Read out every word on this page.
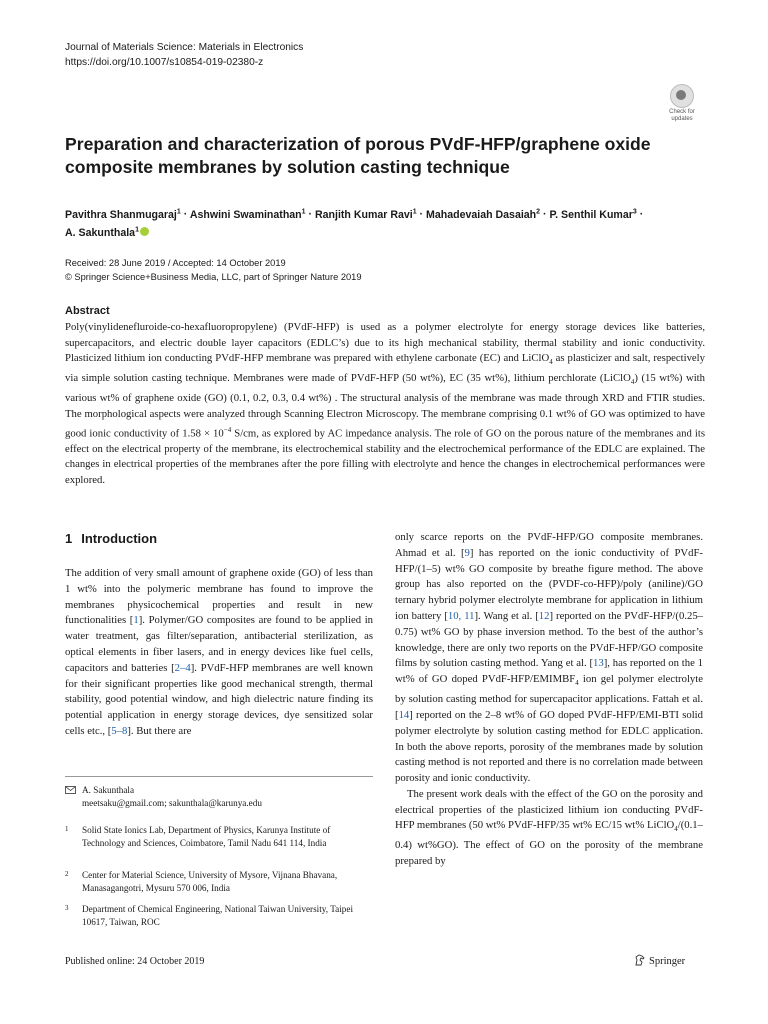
Journal of Materials Science: Materials in Electronics
https://doi.org/10.1007/s10854-019-02380-z
Check for
updates
Preparation and characterization of porous PVdF-HFP/graphene oxide composite membranes by solution casting technique
Pavithra Shanmugaraj$^1$ · Ashwini Swaminathan$^1$ · Ranjith Kumar Ravi$^1$ · Mahadevaiah Dasaiah$^2$ · P. Senthil Kumar$^3$ ·
A. Sakunthala$^1$
Received: 28 June 2019 / Accepted: 14 October 2019
© Springer Science+Business Media, LLC, part of Springer Nature 2019
Abstract
Poly(vinylidenefluroide-co-hexafluoropropylene) (PVdF-HFP) is used as a polymer electrolyte for energy storage devices like batteries, supercapacitors, and electric double layer capacitors (EDLC’s) due to its high mechanical stability, thermal stability and ionic conductivity. Plasticized lithium ion conducting PVdF-HFP membrane was prepared with ethylene carbonate (EC) and LiClO$_4$ as plasticizer and salt, respectively via simple solution casting technique. Membranes were made of PVdF-HFP (50 wt%), EC (35 wt%), lithium perchlorate (LiClO$_4$) (15 wt%) with various wt% of graphene oxide (GO) (0.1, 0.2, 0.3, 0.4 wt%) . The structural analysis of the membrane was made through XRD and FTIR studies. The morphological aspects were analyzed through Scanning Electron Microscopy. The membrane comprising 0.1 wt% of GO was optimized to have good ionic conductivity of $1.58 \times 10^{-4}$ S/cm, as explored by AC impedance analysis. The role of GO on the porous nature of the membranes and its effect on the electrical property of the membrane, its electrochemical stability and the electrochemical performance of the EDLC are explained. The changes in electrical properties of the membranes after the pore filling with electrolyte and hence the changes in electrochemical performances were explored.
1 Introduction

The addition of very small amount of graphene oxide (GO) of less than 1 wt% into the polymeric membrane has found to improve the membranes physicochemical properties and result in new functionalities [1]. Polymer/GO composites are found to be applied in water treatment, gas filter/separation, antibacterial sterilization, as optical elements in fiber lasers, and in energy devices like fuel cells, capacitors and batteries [2–4]. PVdF-HFP membranes are well known for their significant properties like good mechanical strength, thermal stability, good potential window, and high dielectric nature finding its potential application in energy storage devices, dye sensitized solar cells etc., [5–8]. But there are

only scarce reports on the PVdF-HFP/GO composite membranes. Ahmad et al. [9] has reported on the ionic conductivity of PVdF-HFP/(1–5) wt% GO composite by breathe figure method. The above group has also reported on the (PVDF-co-HFP)/poly (aniline)/GO ternary hybrid polymer electrolyte membrane for application in lithium ion battery [10, 11]. Wang et al. [12] reported on the PVdF-HFP/(0.25–0.75) wt% GO by phase inversion method. To the best of the author’s knowledge, there are only two reports on the PVdF-HFP/GO composite films by solution casting method. Yang et al. [13], has reported on the 1 wt% of GO doped PVdF-$HFP/EMIMBF_4$ ion gel polymer electrolyte by solution casting method for supercapacitor applications. Fattah et al. [14] reported on the 2–8 wt% of GO doped PVdF-HFP/EMI-BTI solid polymer electrolyte by solution casting method for EDLC application. In both the above reports, porosity of the membranes made by solution casting method is not reported and there is no correlation made between porosity and ionic conductivity.

The present work deals with the effect of the GO on the porosity and electrical properties of the plasticized lithium ion conducting PVdF-HFP membranes (50 wt% PVdF-HFP/35 wt% EC/15 wt% LiClO$_4$/(0.1–0.4) wt%GO). The effect of GO on the porosity of the membrane prepared by

A. Sakunthala
meetsaku@gmail.com; sakunthala@karunya.edu
1	Solid State Ionics Lab, Department of Physics, Karunya Institute of Technology and Sciences, Coimbatore, Tamil Nadu 641 114, India
2	Center for Material Science, University of Mysore, Vijnana Bhavana, Manasagangotri, Mysuru 570 006, India
3	Department of Chemical Engineering, National Taiwan University, Taipei 10617, Taiwan, ROC
Published online: 24 October 2019	Springer
